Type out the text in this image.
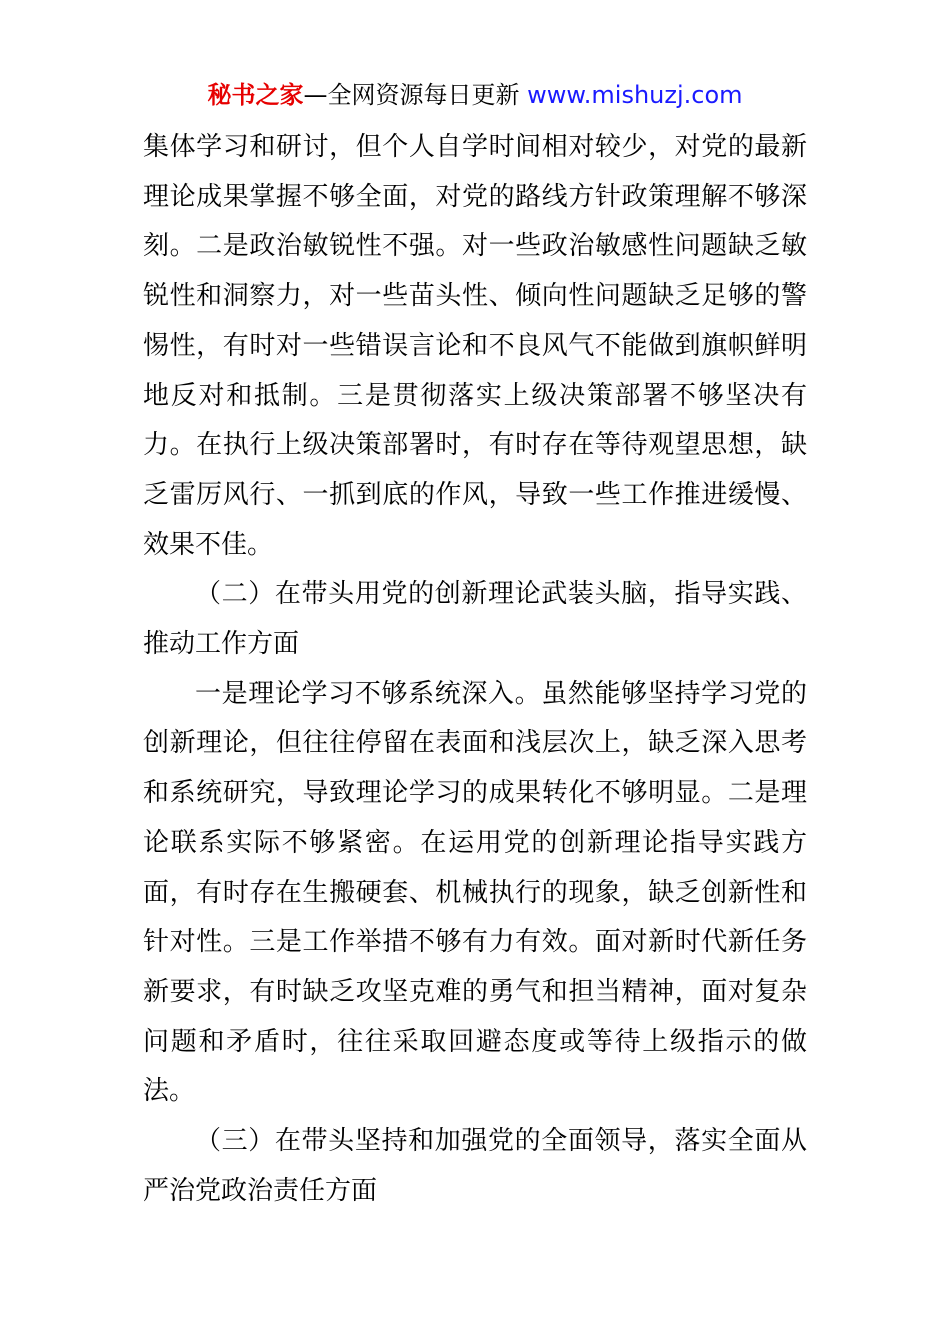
秘书之家—全网资源每日更新 www.mishuzj.com

集体学习和研讨，但个人自学时间相对较少，对党的最新理论成果掌握不够全面，对党的路线方针政策理解不够深刻。二是政治敏锐性不强。对一些政治敏感性问题缺乏敏锐性和洞察力，对一些苗头性、倾向性问题缺乏足够的警惕性，有时对一些错误言论和不良风气不能做到旗帜鲜明地反对和抵制。三是贯彻落实上级决策部署不够坚决有力。在执行上级决策部署时，有时存在等待观望思想，缺乏雷厉风行、一抓到底的作风，导致一些工作推进缓慢、效果不佳。

（二）在带头用党的创新理论武装头脑，指导实践、推动工作方面

一是理论学习不够系统深入。虽然能够坚持学习党的创新理论，但往往停留在表面和浅层次上，缺乏深入思考和系统研究，导致理论学习的成果转化不够明显。二是理论联系实际不够紧密。在运用党的创新理论指导实践方面，有时存在生搬硬套、机械执行的现象，缺乏创新性和针对性。三是工作举措不够有力有效。面对新时代新任务新要求，有时缺乏攻坚克难的勇气和担当精神，面对复杂问题和矛盾时，往往采取回避态度或等待上级指示的做法。

（三）在带头坚持和加强党的全面领导，落实全面从严治党政治责任方面
